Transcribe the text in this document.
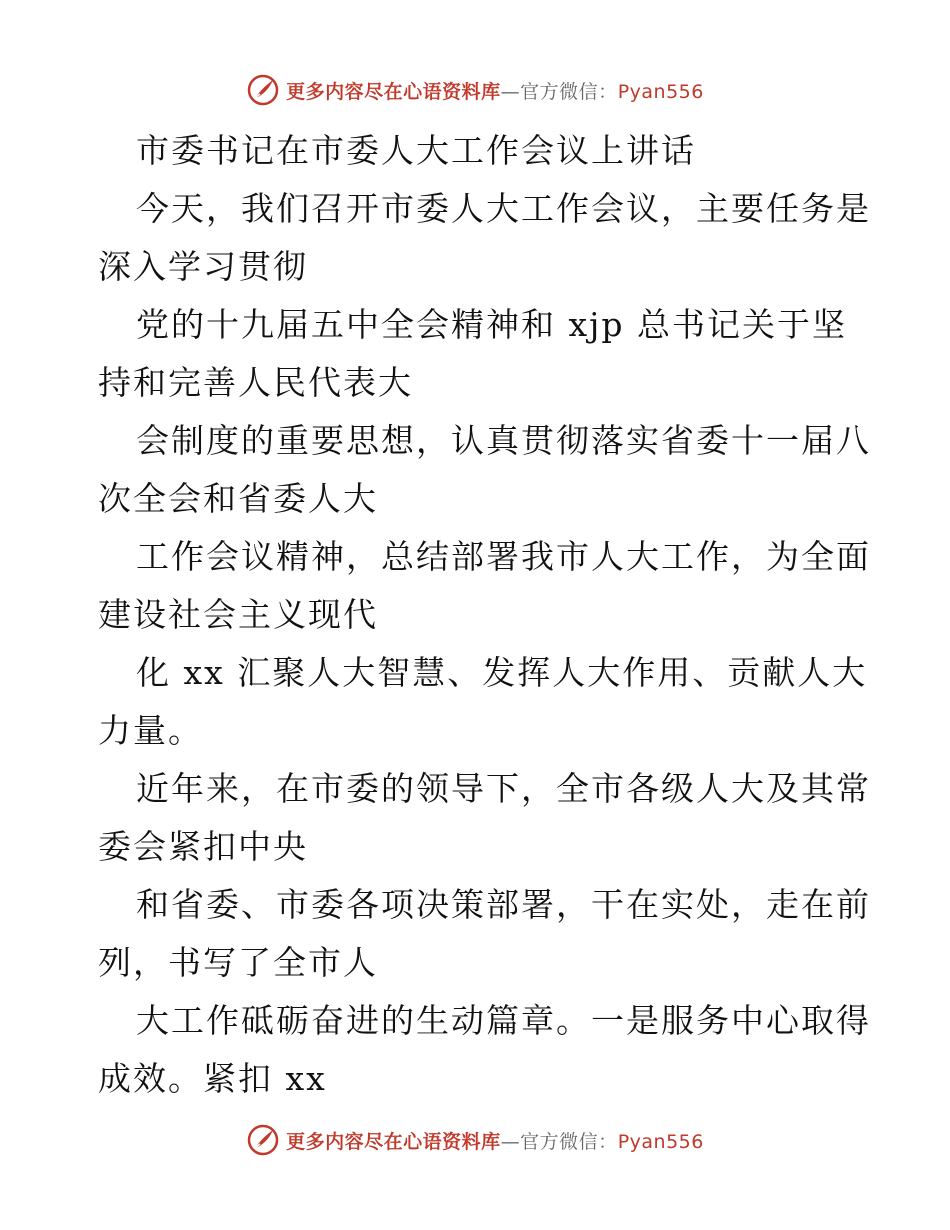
更多内容尽在心语资料库—官方微信：Pyan556
市委书记在市委人大工作会议上讲话
今天，我们召开市委人大工作会议，主要任务是
深入学习贯彻
党的十九届五中全会精神和 xjp 总书记关于坚
持和完善人民代表大
会制度的重要思想，认真贯彻落实省委十一届八
次全会和省委人大
工作会议精神，总结部署我市人大工作，为全面
建设社会主义现代
化 xx 汇聚人大智慧、发挥人大作用、贡献人大
力量。
近年来，在市委的领导下，全市各级人大及其常
委会紧扣中央
和省委、市委各项决策部署，干在实处，走在前
列，书写了全市人
大工作砥砺奋进的生动篇章。一是服务中心取得
成效。紧扣 xx
更多内容尽在心语资料库—官方微信：Pyan556
